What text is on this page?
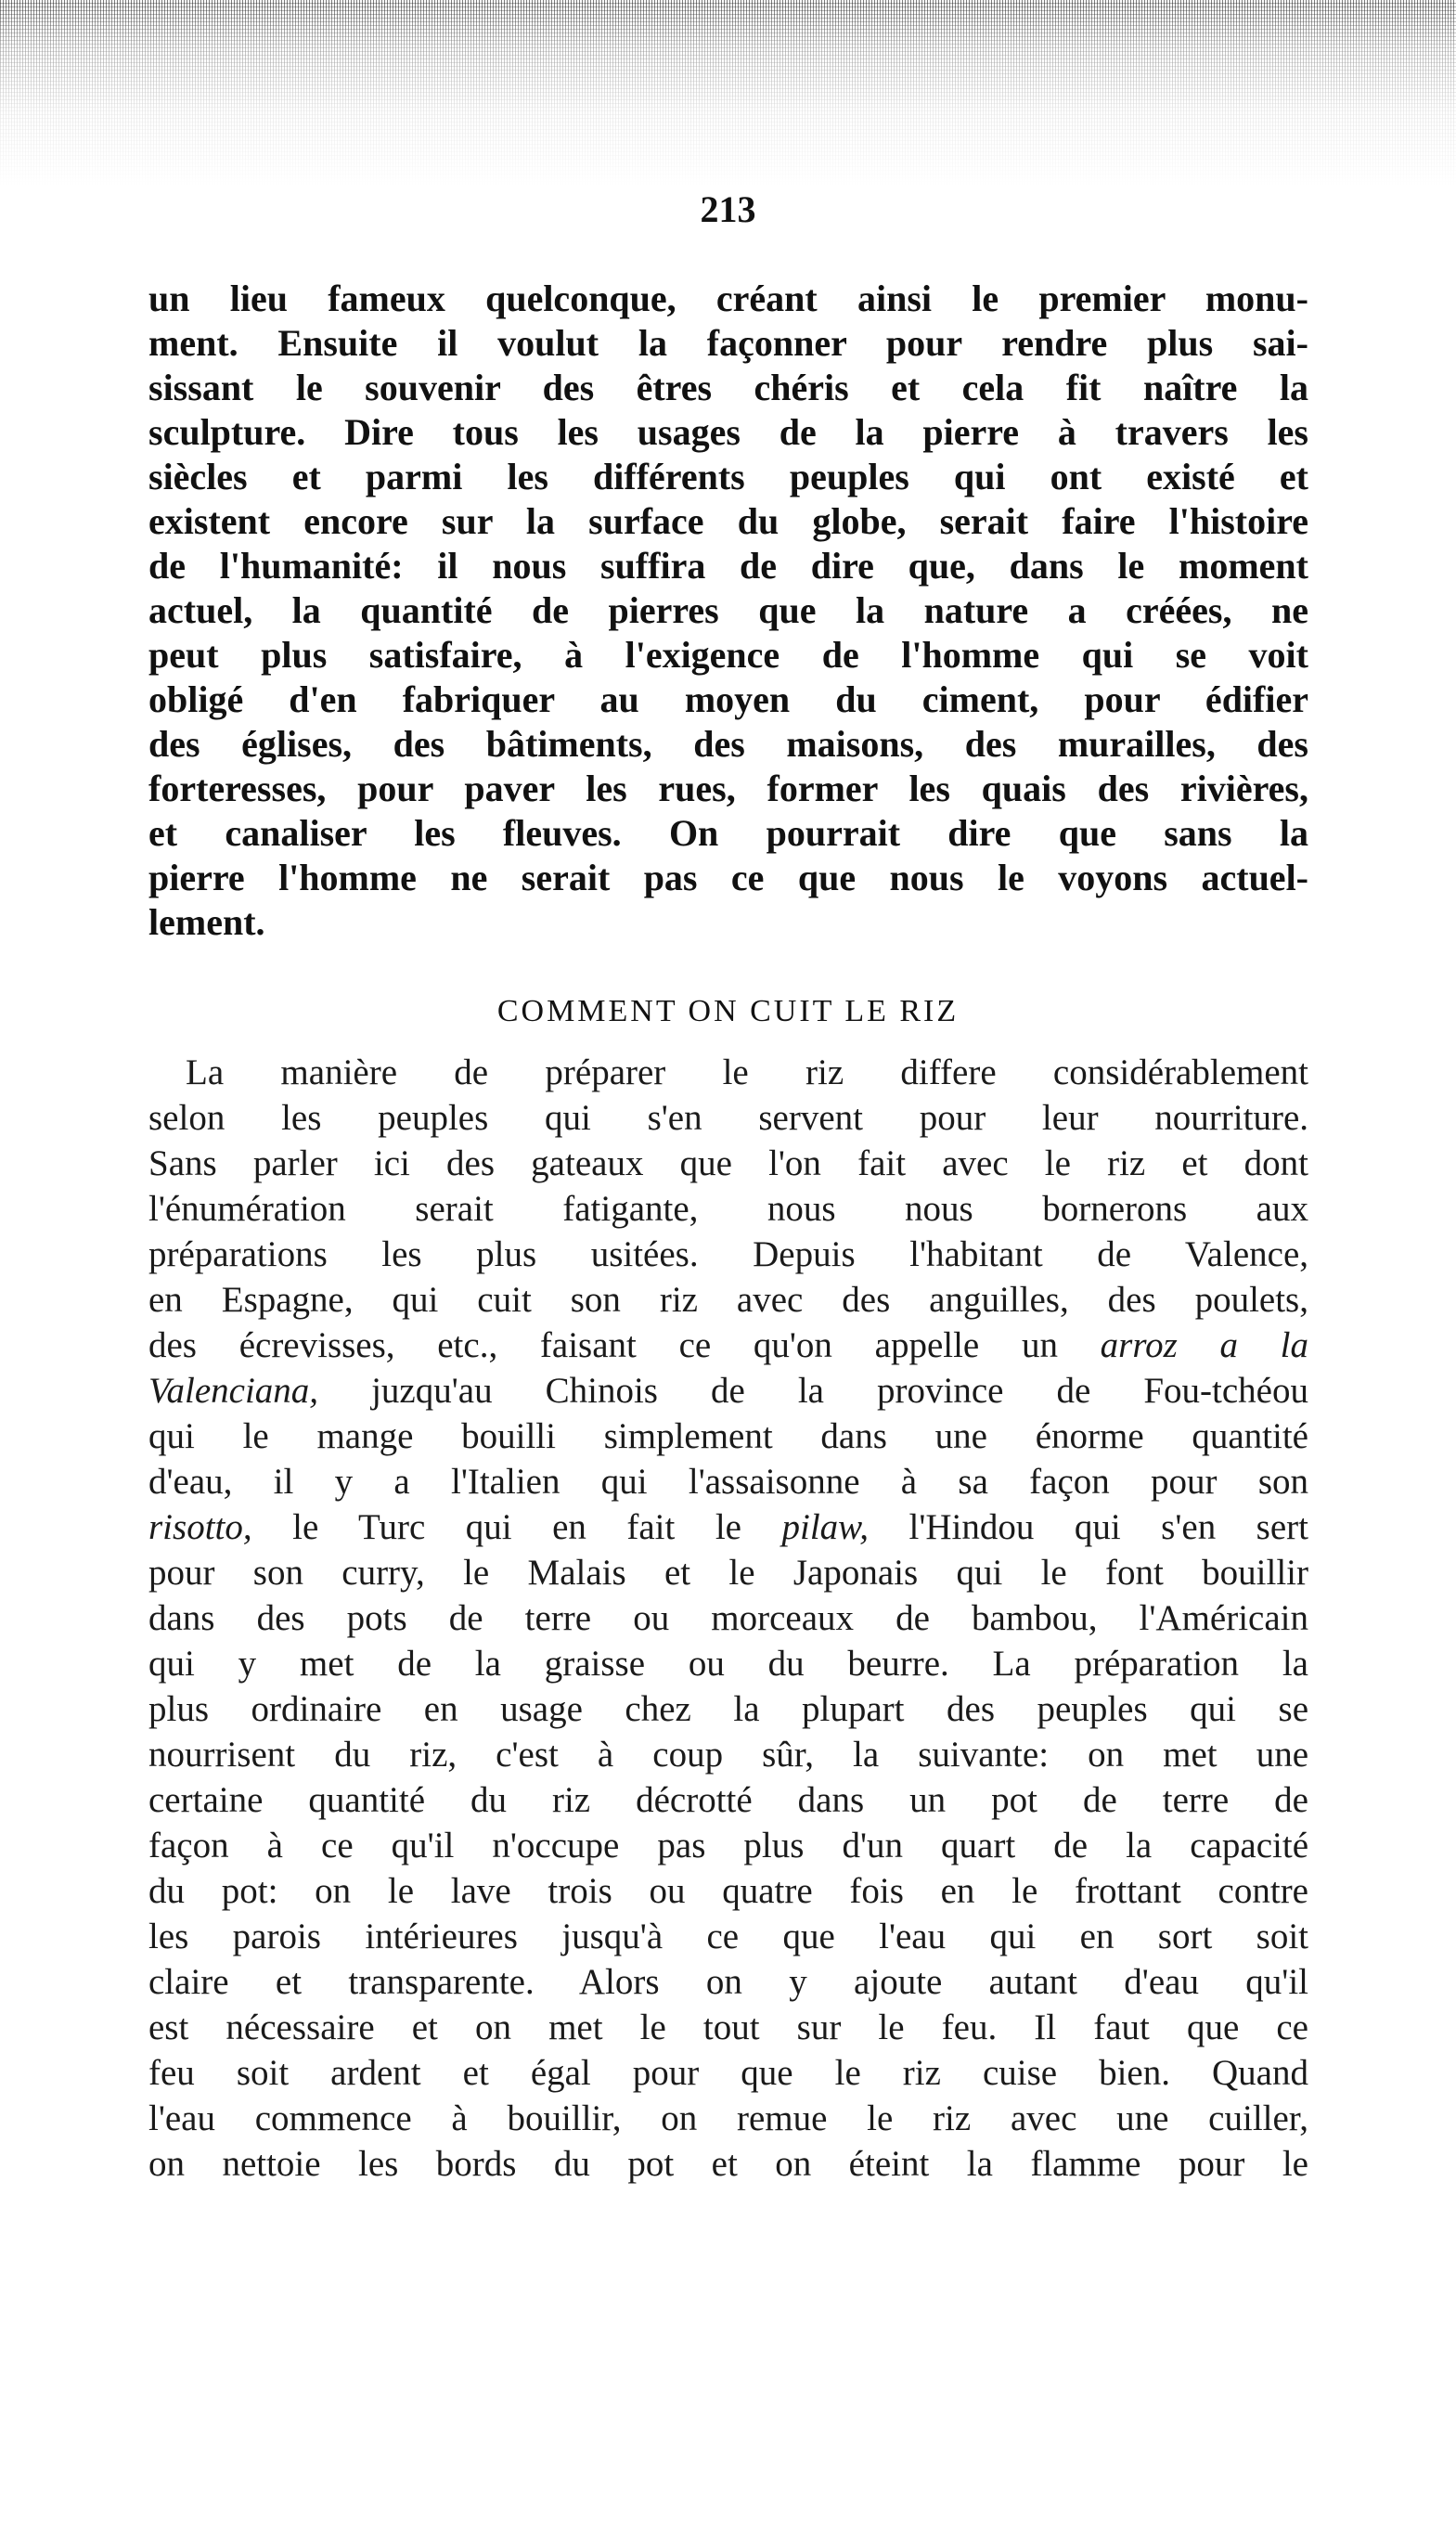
213
un lieu fameux quelconque, créant ainsi le premier monu-
ment. Ensuite il voulut la façonner pour rendre plus sai-
sissant le souvenir des êtres chéris et cela fit naître la
sculpture. Dire tous les usages de la pierre à travers les
siècles et parmi les différents peuples qui ont existé et
existent encore sur la surface du globe, serait faire l'histoire
de l'humanité: il nous suffira de dire que, dans le moment
actuel, la quantité de pierres que la nature a créées, ne
peut plus satisfaire, à l'exigence de l'homme qui se voit
obligé d'en fabriquer au moyen du ciment, pour édifier
des églises, des bâtiments, des maisons, des murailles, des
forteresses, pour paver les rues, former les quais des rivières,
et canaliser les fleuves. On pourrait dire que sans la
pierre l'homme ne serait pas ce que nous le voyons actuel-
lement.
COMMENT ON CUIT LE RIZ
La manière de préparer le riz differe considérablement
selon les peuples qui s'en servent pour leur nourriture.
Sans parler ici des gateaux que l'on fait avec le riz et dont
l'énumération serait fatigante, nous nous bornerons aux
préparations les plus usitées. Depuis l'habitant de Valence,
en Espagne, qui cuit son riz avec des anguilles, des poulets,
des écrevisses, etc., faisant ce qu'on appelle un arroz a la
Valenciana, juzqu'au Chinois de la province de Fou-tchéou
qui le mange bouilli simplement dans une énorme quantité
d'eau, il y a l'Italien qui l'assaisonne à sa façon pour son
risotto, le Turc qui en fait le pilaw, l'Hindou qui s'en sert
pour son curry, le Malais et le Japonais qui le font bouillir
dans des pots de terre ou morceaux de bambou, l'Américain
qui y met de la graisse ou du beurre. La préparation la
plus ordinaire en usage chez la plupart des peuples qui se
nourrisent du riz, c'est à coup sûr, la suivante: on met une
certaine quantité du riz décrotté dans un pot de terre de
façon à ce qu'il n'occupe pas plus d'un quart de la capacité
du pot: on le lave trois ou quatre fois en le frottant contre
les parois intérieures jusqu'à ce que l'eau qui en sort soit
claire et transparente. Alors on y ajoute autant d'eau qu'il
est nécessaire et on met le tout sur le feu. Il faut que ce
feu soit ardent et égal pour que le riz cuise bien. Quand
l'eau commence à bouillir, on remue le riz avec une cuiller,
on nettoie les bords du pot et on éteint la flamme pour le
